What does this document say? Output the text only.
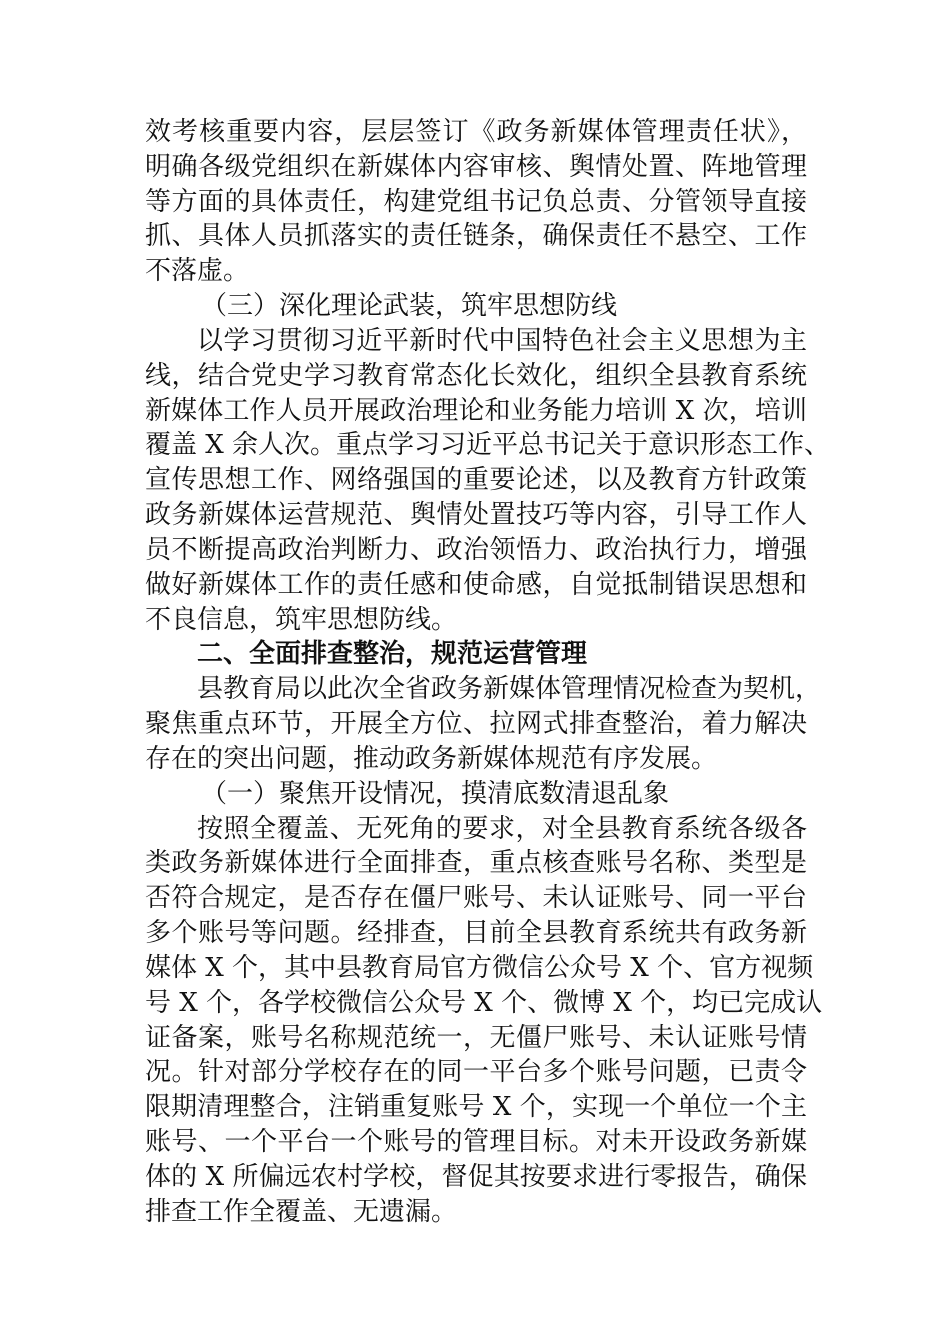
效考核重要内容，层层签订《政务新媒体管理责任状》，
明确各级党组织在新媒体内容审核、舆情处置、阵地管理
等方面的具体责任，构建党组书记负总责、分管领导直接
抓、具体人员抓落实的责任链条，确保责任不悬空、工作
不落虚。
（三）深化理论武装，筑牢思想防线
以学习贯彻习近平新时代中国特色社会主义思想为主
线，结合党史学习教育常态化长效化，组织全县教育系统
新媒体工作人员开展政治理论和业务能力培训 X 次，培训
覆盖 X 余人次。重点学习习近平总书记关于意识形态工作、
宣传思想工作、网络强国的重要论述，以及教育方针政策
政务新媒体运营规范、舆情处置技巧等内容，引导工作人
员不断提高政治判断力、政治领悟力、政治执行力，增强
做好新媒体工作的责任感和使命感，自觉抵制错误思想和
不良信息，筑牢思想防线。
二、全面排查整治，规范运营管理
县教育局以此次全省政务新媒体管理情况检查为契机，
聚焦重点环节，开展全方位、拉网式排查整治，着力解决
存在的突出问题，推动政务新媒体规范有序发展。
（一）聚焦开设情况，摸清底数清退乱象
按照全覆盖、无死角的要求，对全县教育系统各级各
类政务新媒体进行全面排查，重点核查账号名称、类型是
否符合规定，是否存在僵尸账号、未认证账号、同一平台
多个账号等问题。经排查，目前全县教育系统共有政务新
媒体 X 个，其中县教育局官方微信公众号 X 个、官方视频
号 X 个，各学校微信公众号 X 个、微博 X 个，均已完成认
证备案，账号名称规范统一，无僵尸账号、未认证账号情
况。针对部分学校存在的同一平台多个账号问题，已责令
限期清理整合，注销重复账号 X 个，实现一个单位一个主
账号、一个平台一个账号的管理目标。对未开设政务新媒
体的 X 所偏远农村学校，督促其按要求进行零报告，确保
排查工作全覆盖、无遗漏。
